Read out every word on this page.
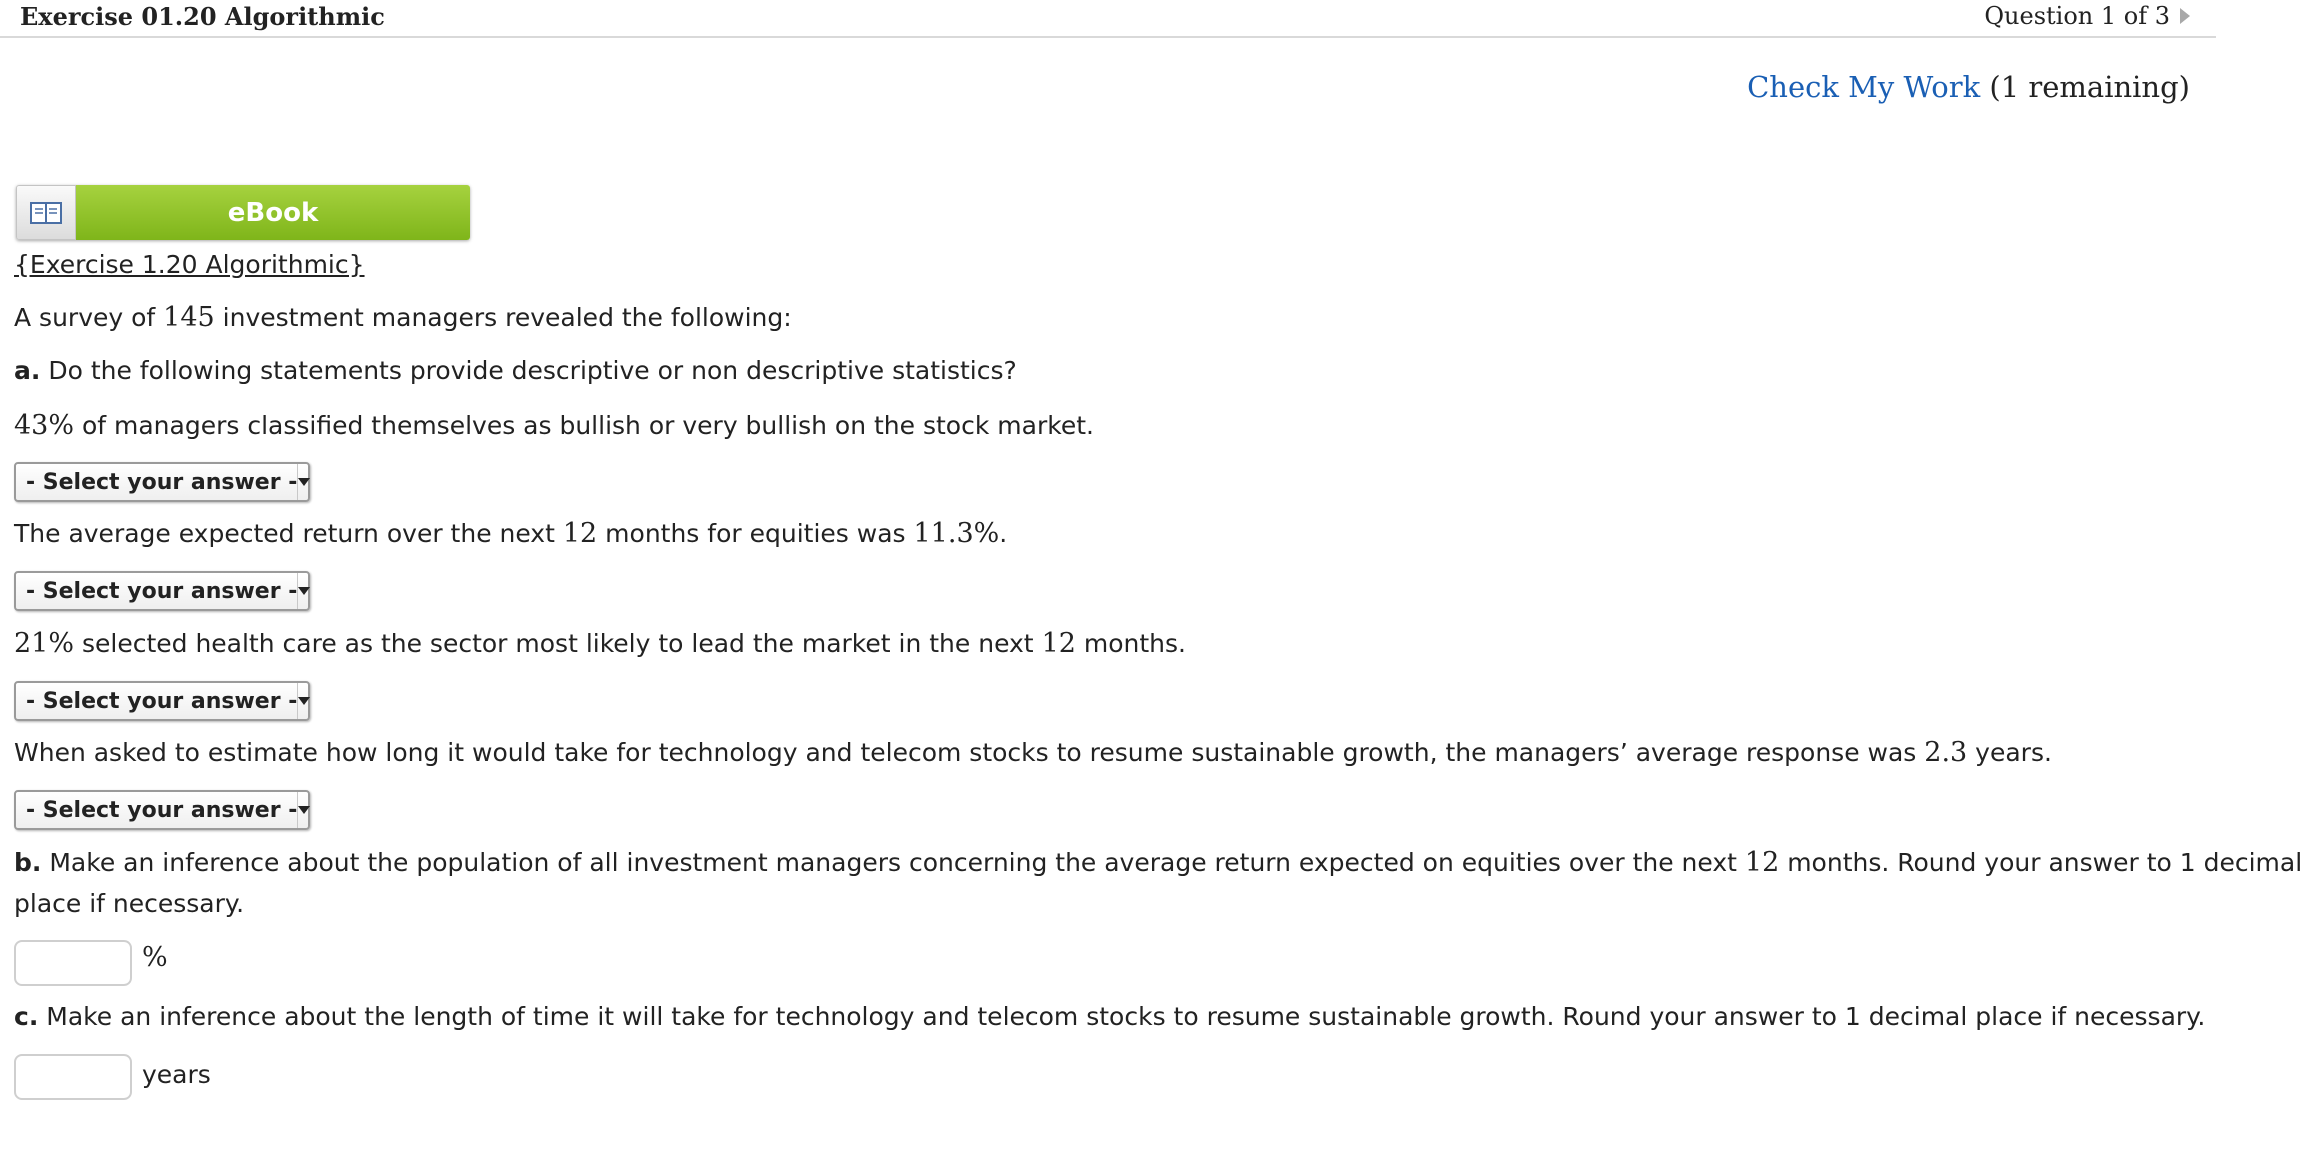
Exercise 01.20 Algorithmic	Question 1 of 3
Check My Work (1 remaining)
eBook
{Exercise 1.20 Algorithmic}
A survey of 145 investment managers revealed the following:
a. Do the following statements provide descriptive or non descriptive statistics?
43% of managers classified themselves as bullish or very bullish on the stock market.
- Select your answer -
The average expected return over the next 12 months for equities was 11.3%.
- Select your answer -
21% selected health care as the sector most likely to lead the market in the next 12 months.
- Select your answer -
When asked to estimate how long it would take for technology and telecom stocks to resume sustainable growth, the managers’ average response was 2.3 years.
- Select your answer -
b. Make an inference about the population of all investment managers concerning the average return expected on equities over the next 12 months. Round your answer to 1 decimal
place if necessary.
%
c. Make an inference about the length of time it will take for technology and telecom stocks to resume sustainable growth. Round your answer to 1 decimal place if necessary.
years
